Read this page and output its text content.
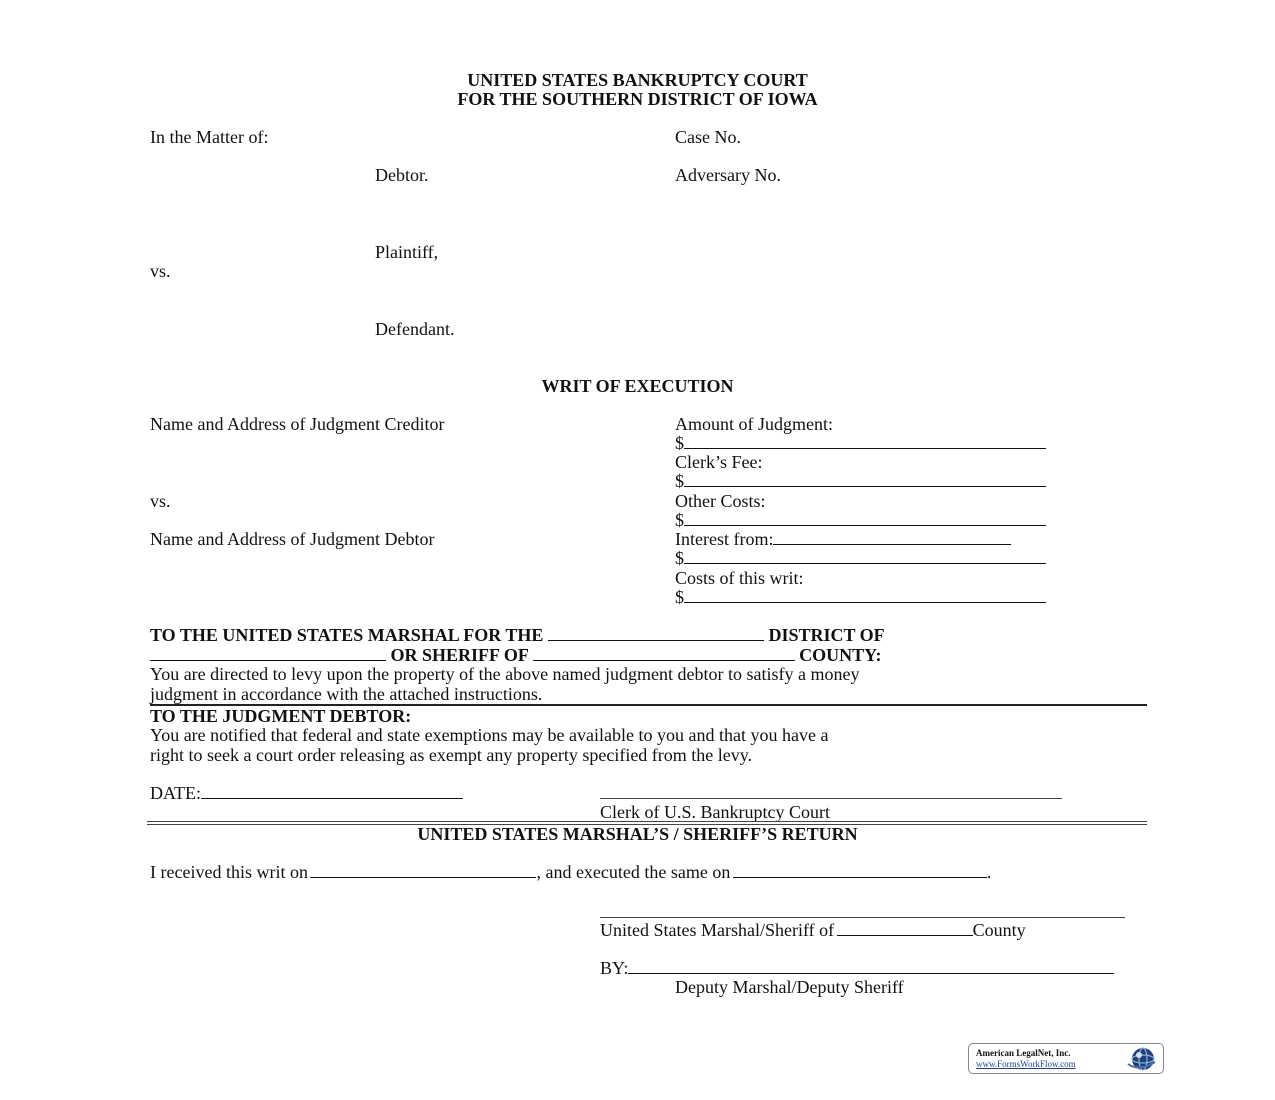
UNITED STATES BANKRUPTCY COURT
FOR THE SOUTHERN DISTRICT OF IOWA
In the Matter of:	Case No.
Debtor.	Adversary No.
Plaintiff,
vs.
Defendant.
WRIT OF EXECUTION
Name and Address of Judgment Creditor
vs.
Name and Address of Judgment Debtor
Amount of Judgment:
$
Clerk’s Fee:
$
Other Costs:
$
Interest from:
$
Costs of this writ:
$
TO THE UNITED STATES MARSHAL FOR THE	DISTRICT OF
OR SHERIFF OF	COUNTY:
You are directed to levy upon the property of the above named judgment debtor to satisfy a money
judgment in accordance with the attached instructions.
TO THE JUDGMENT DEBTOR:
You are notified that federal and state exemptions may be available to you and that you have a
right to seek a court order releasing as exempt any property specified from the levy.
DATE:
Clerk of U.S. Bankruptcy Court
UNITED STATES MARSHAL’S / SHERIFF’S RETURN
I received this writ on	, and executed the same on	.
United States Marshal/Sheriff of	County
BY:
Deputy Marshal/Deputy Sheriff
American LegalNet, Inc.
www.FormsWorkFlow.com
